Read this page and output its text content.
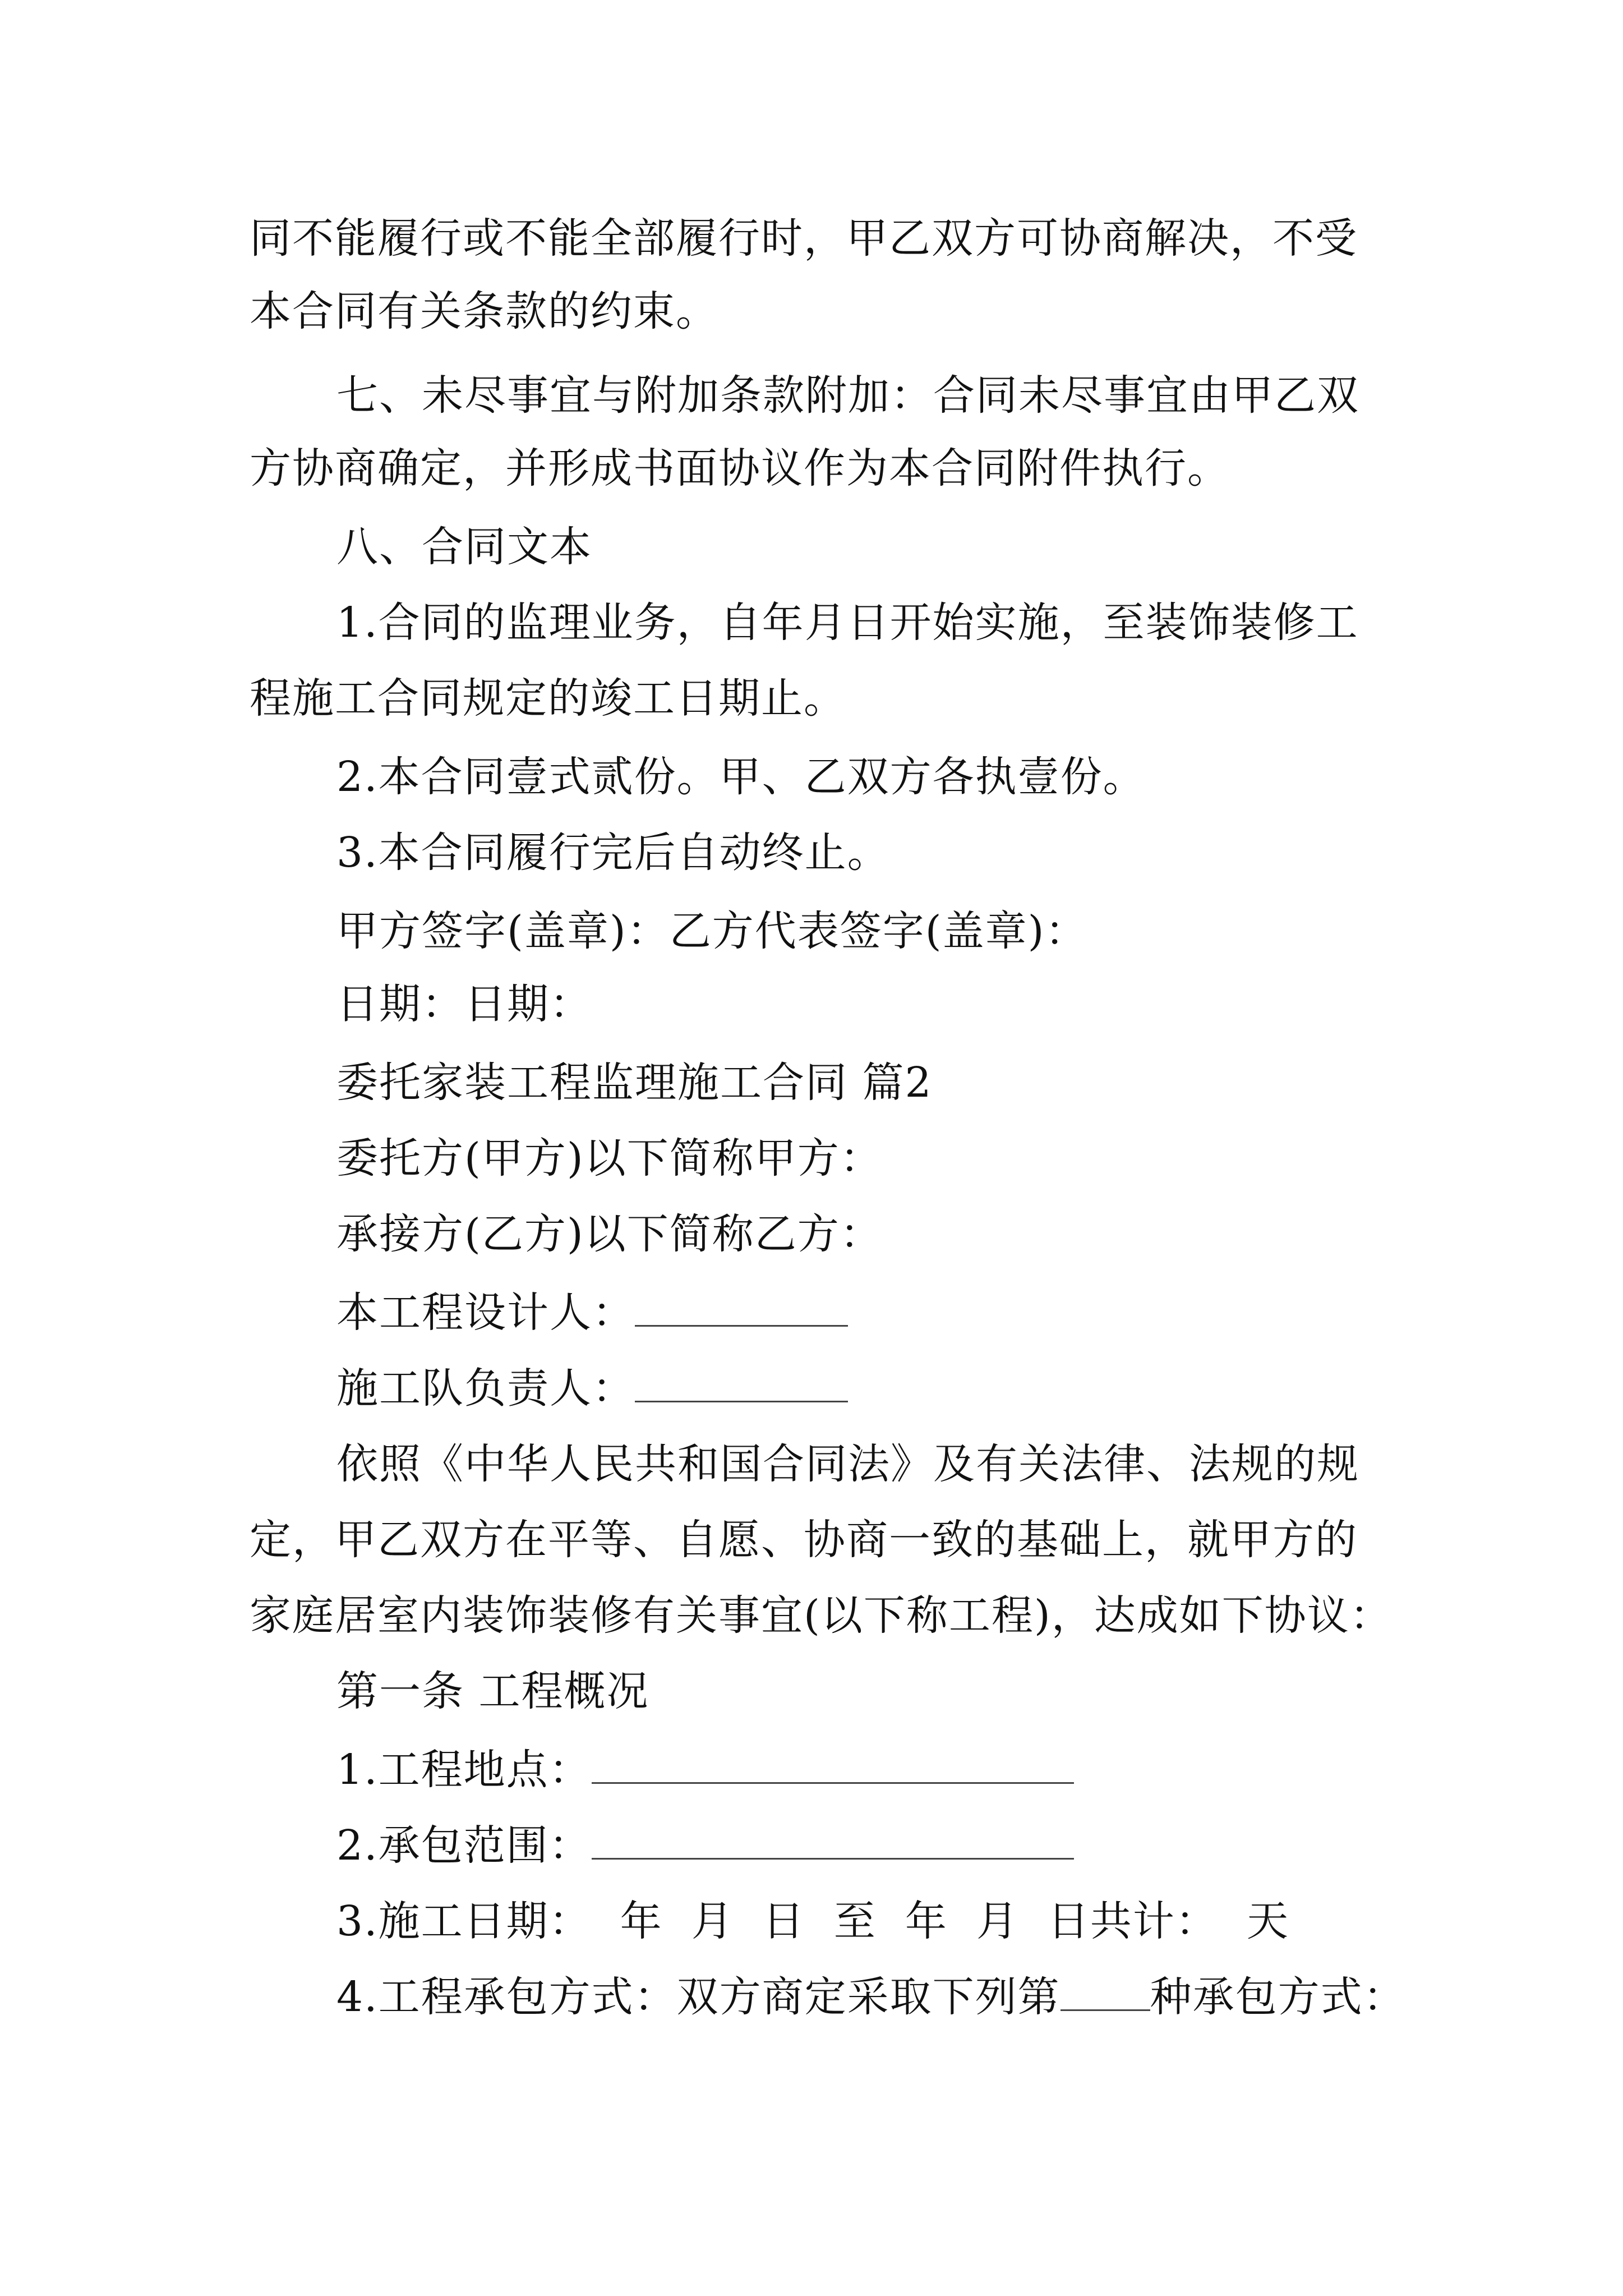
同不能履行或不能全部履行时，甲乙双方可协商解决，不受
本合同有关条款的约束。
七、未尽事宜与附加条款附加：合同未尽事宜由甲乙双
方协商确定，并形成书面协议作为本合同附件执行。
八、合同文本
1.合同的监理业务，自年月日开始实施，至装饰装修工
程施工合同规定的竣工日期止。
2.本合同壹式贰份。甲、乙双方各执壹份。
3.本合同履行完后自动终止。
甲方签字(盖章)：乙方代表签字(盖章)：
日期：日期：
委托家装工程监理施工合同 篇2
委托方(甲方)以下简称甲方：
承接方(乙方)以下简称乙方：
本工程设计人：
施工队负责人：
依照《中华人民共和国合同法》及有关法律、法规的规
定，甲乙双方在平等、自愿、协商一致的基础上，就甲方的
家庭居室内装饰装修有关事宜(以下称工程)，达成如下协议：
第一条 工程概况
1.工程地点：
2.承包范围：
3.施工日期：  年  月  日  至  年  月  日共计：  天
4.工程承包方式：双方商定采取下列第 种承包方式：
